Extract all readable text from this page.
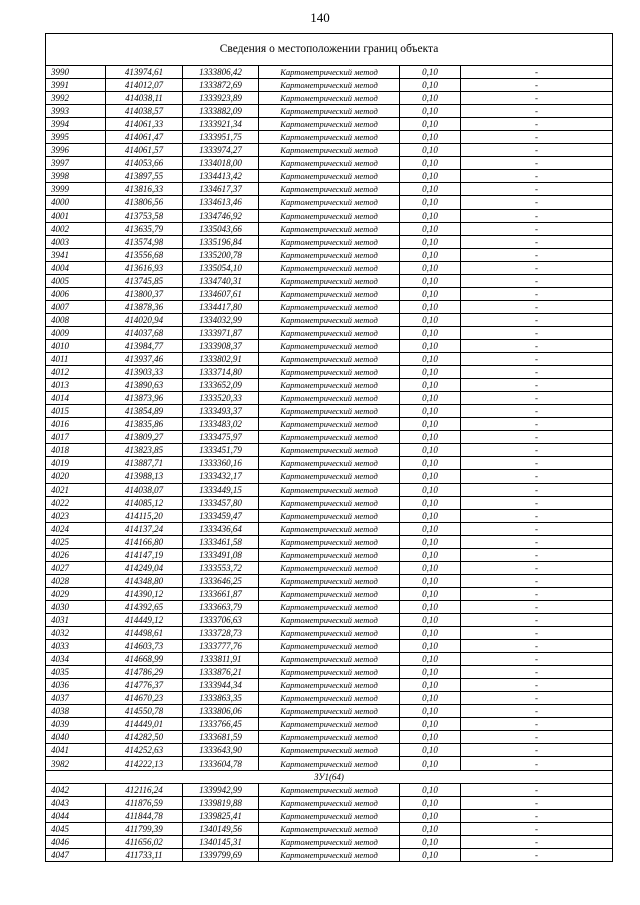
140
Сведения о местоположении границ объекта
3990	413974,61	1333806,42	Картометрический метод	0,10	-
3991	414012,07	1333872,69	Картометрический метод	0,10	-
3992	414038,11	1333923,89	Картометрический метод	0,10	-
3993	414038,57	1333882,09	Картометрический метод	0,10	-
3994	414061,33	1333921,34	Картометрический метод	0,10	-
3995	414061,47	1333951,75	Картометрический метод	0,10	-
3996	414061,57	1333974,27	Картометрический метод	0,10	-
3997	414053,66	1334018,00	Картометрический метод	0,10	-
3998	413897,55	1334413,42	Картометрический метод	0,10	-
3999	413816,33	1334617,37	Картометрический метод	0,10	-
4000	413806,56	1334613,46	Картометрический метод	0,10	-
4001	413753,58	1334746,92	Картометрический метод	0,10	-
4002	413635,79	1335043,66	Картометрический метод	0,10	-
4003	413574,98	1335196,84	Картометрический метод	0,10	-
3941	413556,68	1335200,78	Картометрический метод	0,10	-
4004	413616,93	1335054,10	Картометрический метод	0,10	-
4005	413745,85	1334740,31	Картометрический метод	0,10	-
4006	413800,37	1334607,61	Картометрический метод	0,10	-
4007	413878,36	1334417,80	Картометрический метод	0,10	-
4008	414020,94	1334032,99	Картометрический метод	0,10	-
4009	414037,68	1333971,87	Картометрический метод	0,10	-
4010	413984,77	1333908,37	Картометрический метод	0,10	-
4011	413937,46	1333802,91	Картометрический метод	0,10	-
4012	413903,33	1333714,80	Картометрический метод	0,10	-
4013	413890,63	1333652,09	Картометрический метод	0,10	-
4014	413873,96	1333520,33	Картометрический метод	0,10	-
4015	413854,89	1333493,37	Картометрический метод	0,10	-
4016	413835,86	1333483,02	Картометрический метод	0,10	-
4017	413809,27	1333475,97	Картометрический метод	0,10	-
4018	413823,85	1333451,79	Картометрический метод	0,10	-
4019	413887,71	1333360,16	Картометрический метод	0,10	-
4020	413988,13	1333432,17	Картометрический метод	0,10	-
4021	414038,07	1333449,15	Картометрический метод	0,10	-
4022	414085,12	1333457,80	Картометрический метод	0,10	-
4023	414115,20	1333459,47	Картометрический метод	0,10	-
4024	414137,24	1333436,64	Картометрический метод	0,10	-
4025	414166,80	1333461,58	Картометрический метод	0,10	-
4026	414147,19	1333491,08	Картометрический метод	0,10	-
4027	414249,04	1333553,72	Картометрический метод	0,10	-
4028	414348,80	1333646,25	Картометрический метод	0,10	-
4029	414390,12	1333661,87	Картометрический метод	0,10	-
4030	414392,65	1333663,79	Картометрический метод	0,10	-
4031	414449,12	1333706,63	Картометрический метод	0,10	-
4032	414498,61	1333728,73	Картометрический метод	0,10	-
4033	414603,73	1333777,76	Картометрический метод	0,10	-
4034	414668,99	1333811,91	Картометрический метод	0,10	-
4035	414786,29	1333876,21	Картометрический метод	0,10	-
4036	414776,37	1333944,34	Картометрический метод	0,10	-
4037	414670,23	1333863,35	Картометрический метод	0,10	-
4038	414550,78	1333806,06	Картометрический метод	0,10	-
4039	414449,01	1333766,45	Картометрический метод	0,10	-
4040	414282,50	1333681,59	Картометрический метод	0,10	-
4041	414252,63	1333643,90	Картометрический метод	0,10	-
3982	414222,13	1333604,78	Картометрический метод	0,10	-
ЗУ1(64)					
4042	412116,24	1339942,99	Картометрический метод	0,10	-
4043	411876,59	1339819,88	Картометрический метод	0,10	-
4044	411844,78	1339825,41	Картометрический метод	0,10	-
4045	411799,39	1340149,56	Картометрический метод	0,10	-
4046	411656,02	1340145,31	Картометрический метод	0,10	-
4047	411733,11	1339799,69	Картометрический метод	0,10	-
